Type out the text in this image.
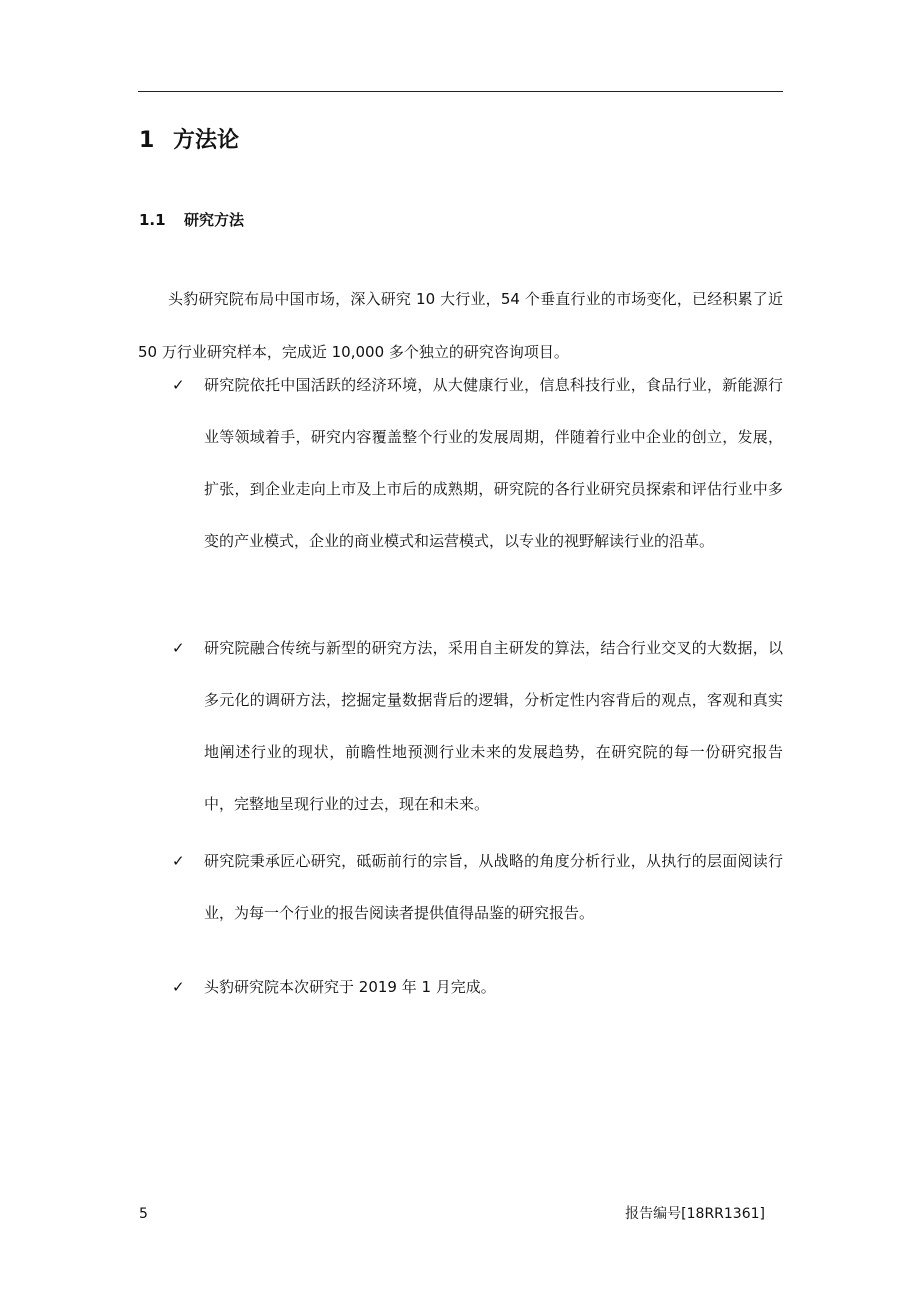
1 方法论
1.1 研究方法

头豹研究院布局中国市场，深入研究 10 大行业，54 个垂直行业的市场变化，已经积累了近 50 万行业研究样本，完成近 10,000 多个独立的研究咨询项目。

✓ 研究院依托中国活跃的经济环境，从大健康行业，信息科技行业，食品行业，新能源行业等领域着手，研究内容覆盖整个行业的发展周期，伴随着行业中企业的创立，发展，扩张，到企业走向上市及上市后的成熟期，研究院的各行业研究员探索和评估行业中多变的产业模式，企业的商业模式和运营模式，以专业的视野解读行业的沿革。

✓ 研究院融合传统与新型的研究方法，采用自主研发的算法，结合行业交叉的大数据，以多元化的调研方法，挖掘定量数据背后的逻辑，分析定性内容背后的观点，客观和真实地阐述行业的现状，前瞻性地预测行业未来的发展趋势，在研究院的每一份研究报告中，完整地呈现行业的过去，现在和未来。

✓ 研究院秉承匠心研究，砥砺前行的宗旨，从战略的角度分析行业，从执行的层面阅读行业，为每一个行业的报告阅读者提供值得品鉴的研究报告。

✓ 头豹研究院本次研究于 2019 年 1 月完成。

5	报告编号[18RR1361]
